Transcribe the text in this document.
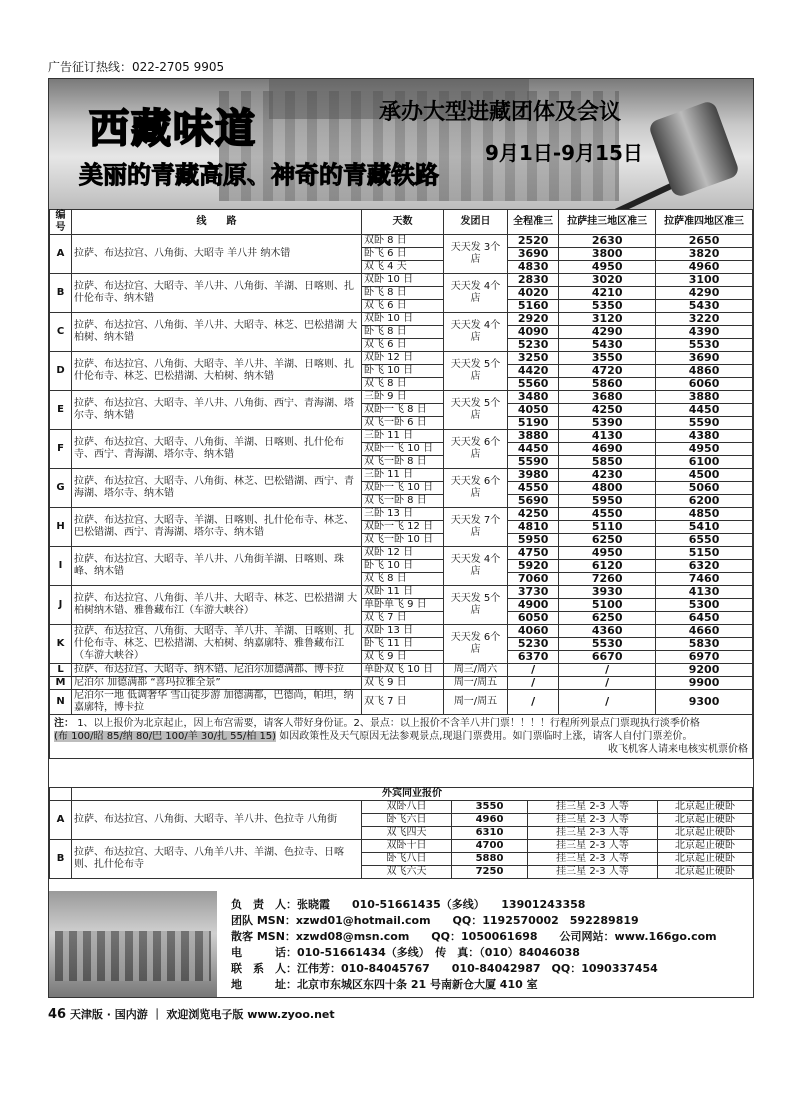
广告征订热线：022-2705 9905
西藏味道	承办大型进藏团体及会议
9月1日-9月15日
美丽的青藏高原、神奇的青藏铁路
编号	线　　路	天数	发团日	全程准三	拉萨挂三地区准三	拉萨准四地区准三
A	拉萨、布达拉宫、八角街、大昭寺 羊八井 纳木错	双卧 8 日	天天发 3个店	2520	2630	2650
		卧飞 6 日		3690	3800	3820
		双飞 4 天		4830	4950	4960
B	拉萨、布达拉宫、大昭寺、羊八井、八角街、羊湖、日喀则、扎什伦布寺、纳木错	双卧 10 日	天天发 4个店	2830	3020	3100
		卧飞 8 日		4020	4210	4290
		双飞 6 日		5160	5350	5430
C	拉萨、布达拉宫、八角街、羊八井、大昭寺、林芝、巴松措湖 大柏树、纳木错	双卧 10 日	天天发 4个店	2920	3120	3220
		卧飞 8 日		4090	4290	4390
		双飞 6 日		5230	5430	5530
D	拉萨、布达拉宫、八角街、大昭寺、羊八井、羊湖、日喀则、扎什伦布寺、林芝、巴松措湖、大柏树、纳木错	双卧 12 日	天天发 5个店	3250	3550	3690
		卧飞 10 日		4420	4720	4860
		双飞 8 日		5560	5860	6060
E	拉萨、布达拉宫、大昭寺、羊八井、八角街、西宁、青海湖、塔尔寺、纳木错	三卧 9 日	天天发 5个店	3480	3680	3880
		双卧一飞 8 日		4050	4250	4450
		双飞一卧 6 日		5190	5390	5590
F	拉萨、布达拉宫、大昭寺、八角街、羊湖、日喀则、扎什伦布寺、西宁、青海湖、塔尔寺、纳木错	三卧 11 日	天天发 6个店	3880	4130	4380
		双卧一飞 10 日		4450	4690	4950
		双飞一卧 8 日		5590	5850	6100
G	拉萨、布达拉宫、大昭寺、八角街、林芝、巴松错湖、西宁、青海湖、塔尔寺、纳木错	三卧 11 日	天天发 6个店	3980	4230	4500
		双卧一飞 10 日		4550	4800	5060
		双飞一卧 8 日		5690	5950	6200
H	拉萨、布达拉宫、大昭寺、羊湖、日喀则、扎什伦布寺、林芝、巴松错湖、西宁、青海湖、塔尔寺、纳木错	三卧 13 日	天天发 7个店	4250	4550	4850
		双卧一飞 12 日		4810	5110	5410
		双飞一卧 10 日		5950	6250	6550
I	拉萨、布达拉宫、大昭寺、羊八井、八角街羊湖、日喀则、珠峰、纳木错	双卧 12 日	天天发 4个店	4750	4950	5150
		卧飞 10 日		5920	6120	6320
		双飞 8 日		7060	7260	7460
J	拉萨、布达拉宫、八角街、羊八井、大昭寺、林芝、巴松措湖 大柏树纳木错、雅鲁藏布江（车游大峡谷）	双卧 11 日	天天发 5个店	3730	3930	4130
		单卧单飞 9 日		4900	5100	5300
		双飞 7 日		6050	6250	6450
K	拉萨、布达拉宫、八角街、大昭寺、羊八井、羊湖、日喀则、扎什伦布寺、林芝、巴松措湖、大柏树、纳嘉廓特、雅鲁藏布江（车游大峡谷）	双卧 13 日	天天发 6个店	4060	4360	4660
		卧飞 11 日		5230	5530	5830
		双飞 9 日		6370	6670	6970
L	拉萨、布达拉宫、大昭寺、纳木错、尼泊尔加德满都、博卡拉	单卧双飞 10 日	周三/周六	/	/	9200
M	尼泊尔 加德满都 “喜玛拉雅全景”	双飞 9 日	周一/周五	/	/	9900
N	尼泊尔一地 低调奢华 雪山徒步游 加德满都，巴德尚，帕坦，纳嘉廓特，博卡拉	双飞 7 日	周一/周五	/	/	9300
注： 1、以上报价为北京起止，因上布宫需要，请客人带好身份证。2、景点：以上报价不含羊八井门票！！！！行程所列景点门票现执行淡季价格
(布 100/昭 85/纳 80/巴 100/羊 30/扎 55/柏 15) 如因政策性及天气原因无法参观景点,现退门票费用。如门票临时上涨，请客人自付门票差价。

收飞机客人请来电核实机票价格						
	外宾同业报价				
A	拉萨、布达拉宫、八角街、大昭寺、羊八井、色拉寺 八角街	双卧八日	3550	挂三星 2-3 人等	北京起止硬卧
		卧飞六日	4960	挂三星 2-3 人等	北京起止硬卧
		双飞四天	6310	挂三星 2-3 人等	北京起止硬卧
B	拉萨、布达拉宫、大昭寺、八角羊八井、羊湖、色拉寺、日喀则、扎什伦布寺	双卧十日	4700	挂三星 2-3 人等	北京起止硬卧
		卧飞八日	5880	挂三星 2-3 人等	北京起止硬卧
		双飞六天	7250	挂三星 2-3 人等	北京起止硬卧
负　责　人：张晓霞　　010-51661435（多线）　　13901243358
团队 MSN：xzwd01@hotmail.com　　QQ：1192570002　592289819
散客 MSN：xzwd08@msn.com　　QQ：1050061698　　公司网站：www.166go.com
电　　　话：010-51661434（多线）　传　真：（010）84046038
联　系　人：江伟芳：010-84045767　　010-84042987　QQ：1090337454
地　　　址：北京市东城区东四十条 21 号南新仓大厦 410 室
46 天津版 · 国内游 ｜ 欢迎浏览电子版 www.zyoo.net
